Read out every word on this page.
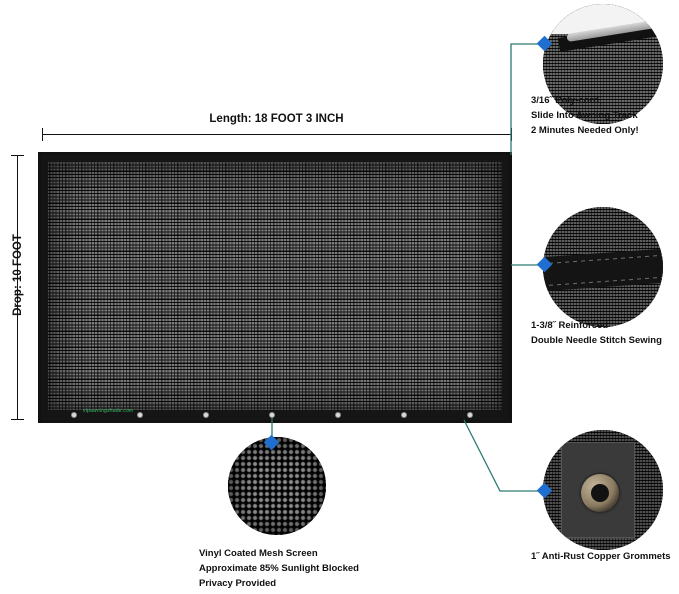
Length: 18 FOOT 3 INCH
Drop: 10 FOOT
vipawningshade.com
3/16˝ Poly-cord,
Slide Into Awning Track
2 Minutes Needed Only!
1-3/8˝ Reinforced
Double Needle Stitch Sewing
1˝ Anti-Rust Copper Grommets
Vinyl Coated Mesh Screen
Approximate 85% Sunlight Blocked
Privacy Provided
